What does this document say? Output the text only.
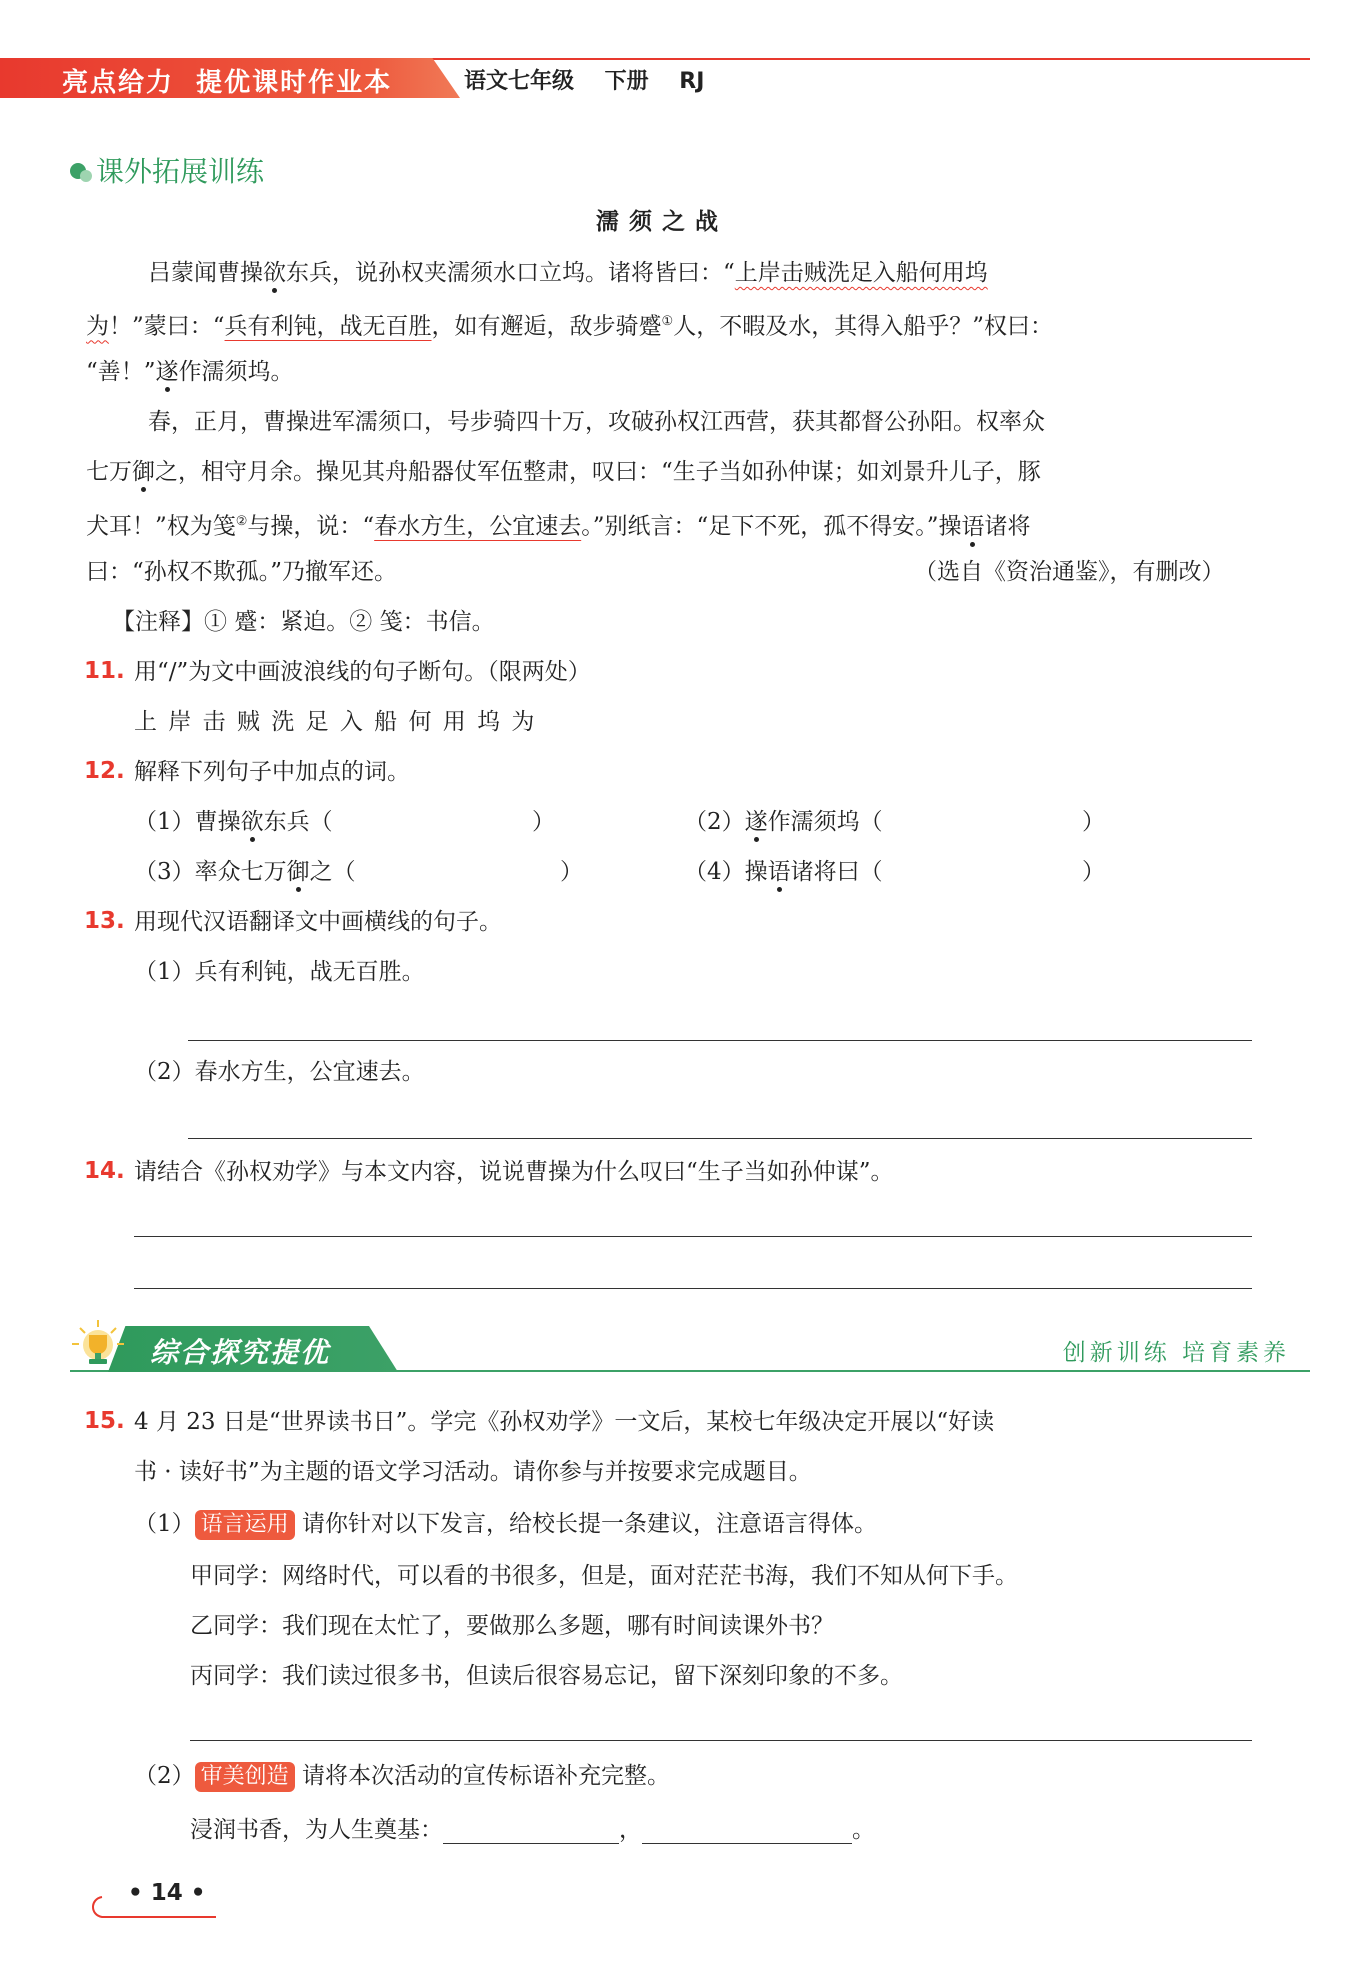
亮点给力  提优课时作业本	语文七年级    下册    RJ
课外拓展训练
濡须之战
吕蒙闻曹操欲东兵，说孙权夹濡须水口立坞。诸将皆曰：“上岸击贼洗足入船何用坞
为！”蒙曰：“兵有利钝，战无百胜，如有邂逅，敌步骑蹙①人，不暇及水，其得入船乎？”权曰：
“善！”遂作濡须坞。
春，正月，曹操进军濡须口，号步骑四十万，攻破孙权江西营，获其都督公孙阳。权率众
七万御之，相守月余。操见其舟船器仗军伍整肃，叹曰：“生子当如孙仲谋；如刘景升儿子，豚
犬耳！”权为笺②与操，说：“春水方生，公宜速去。”别纸言：“足下不死，孤不得安。”操语诸将
曰：“孙权不欺孤。”乃撤军还。	（选自《资治通鉴》，有删改）
【注释】① 蹙：紧迫。② 笺：书信。
11. 用“/”为文中画波浪线的句子断句。（限两处）
上 岸 击 贼 洗 足 入 船 何 用 坞 为
12. 解释下列句子中加点的词。
（1）曹操欲东兵（	）	（2）遂作濡须坞（	）
（3）率众七万御之（	）	（4）操语诸将曰（	）
13. 用现代汉语翻译文中画横线的句子。
（1）兵有利钝，战无百胜。
（2）春水方生，公宜速去。
14. 请结合《孙权劝学》与本文内容，说说曹操为什么叹曰“生子当如孙仲谋”。
综合探究提优	创新训练 培育素养
15. 4 月 23 日是“世界读书日”。学完《孙权劝学》一文后，某校七年级决定开展以“好读
书 · 读好书”为主题的语文学习活动。请你参与并按要求完成题目。
（1） 语言运用 请你针对以下发言，给校长提一条建议，注意语言得体。
甲同学：网络时代，可以看的书很多，但是，面对茫茫书海，我们不知从何下手。
乙同学：我们现在太忙了，要做那么多题，哪有时间读课外书？
丙同学：我们读过很多书，但读后很容易忘记，留下深刻印象的不多。
（2） 审美创造 请将本次活动的宣传标语补充完整。
浸润书香，为人生奠基：	，	。
• 14 •
